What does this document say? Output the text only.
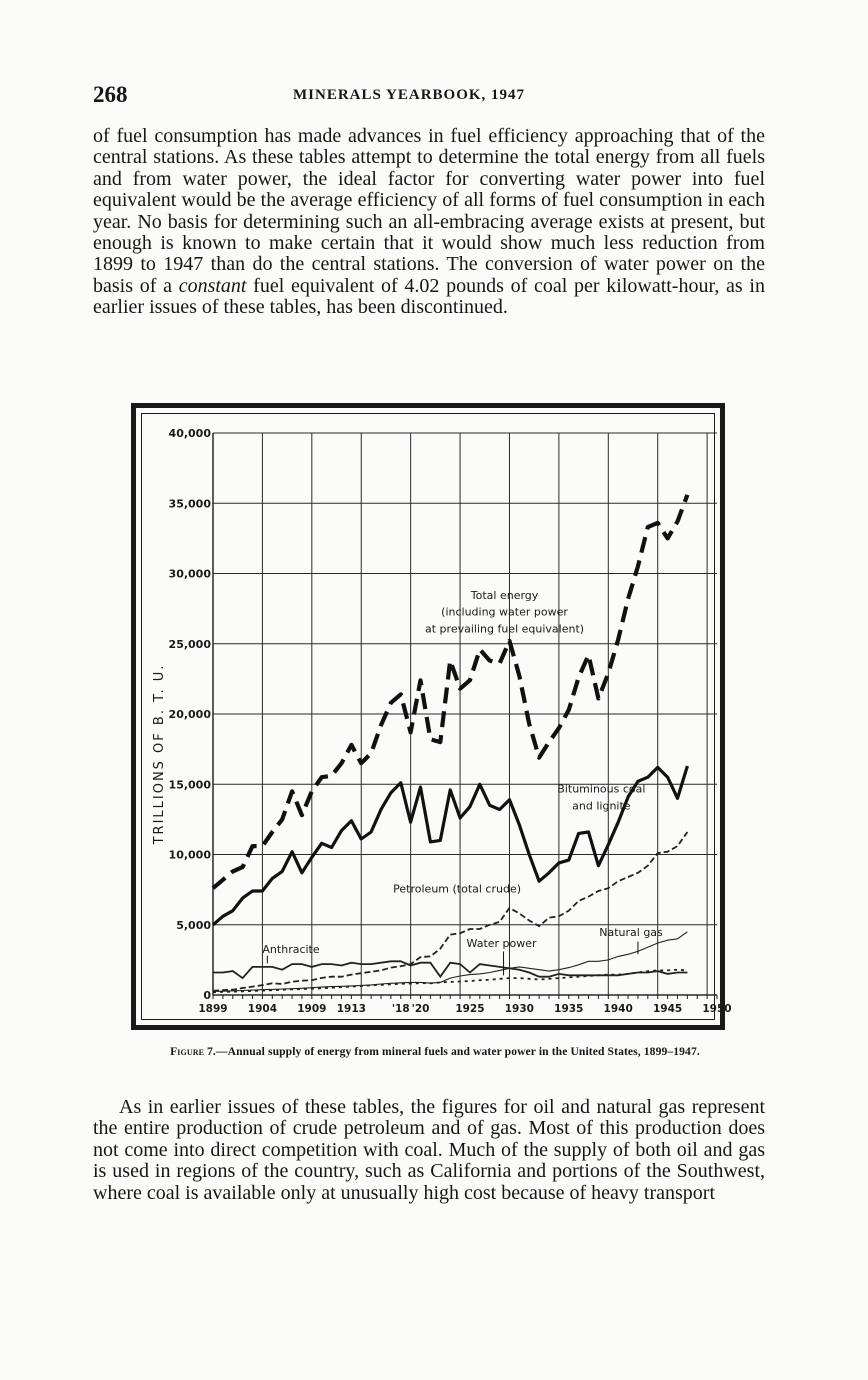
268	MINERALS YEARBOOK, 1947

of fuel consumption has made advances in fuel efficiency approaching that of the central stations. As these tables attempt to determine the total energy from all fuels and from water power, the ideal factor for converting water power into fuel equivalent would be the average efficiency of all forms of fuel consumption in each year. No basis for determining such an all-embracing average exists at present, but enough is known to make certain that it would show much less reduction from 1899 to 1947 than do the central stations. The conversion of water power on the basis of a constant fuel equivalent of 4.02 pounds of coal per kilowatt-hour, as in earlier issues of these tables, has been discontinued.

0
5,000
10,000
15,000
20,000
25,000
30,000
35,000
40,000
1899 1904 1909 1913 '18 '20 1925 1930 1935 1940 1945 1950
TRILLIONS OF B. T. U.
Total energy
(including water power
at prevailing fuel equivalent)
Bituminous coal
and lignite
Petroleum (total crude)
Anthracite	Water power
Natural gas
Figure 7.—Annual supply of energy from mineral fuels and water power in the United States, 1899–1947.

As in earlier issues of these tables, the figures for oil and natural gas represent the entire production of crude petroleum and of gas. Most of this production does not come into direct competition with coal. Much of the supply of both oil and gas is used in regions of the country, such as California and portions of the Southwest, where coal is available only at unusually high cost because of heavy transport
